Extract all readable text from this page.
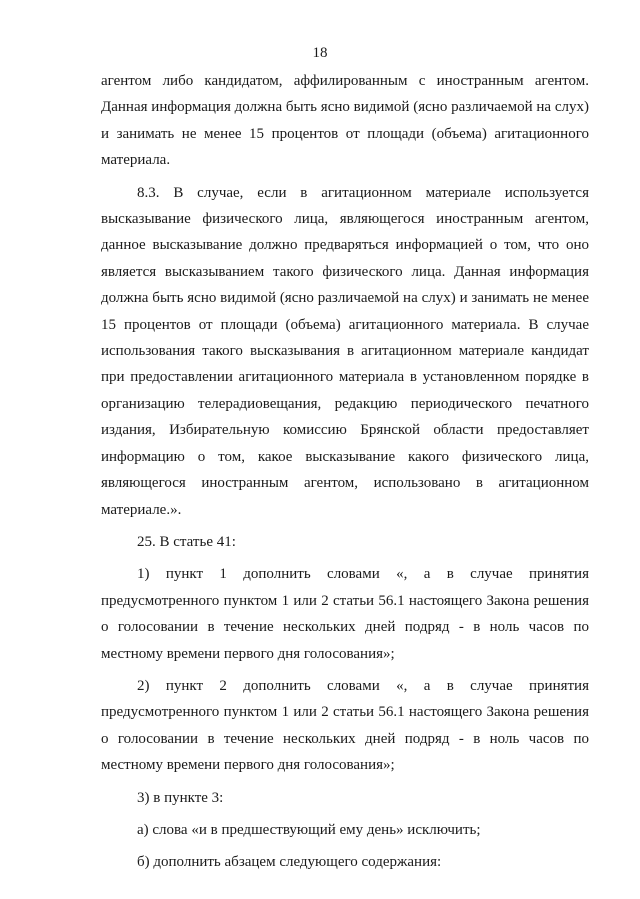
18

агентом либо кандидатом, аффилированным с иностранным агентом. Данная информация должна быть ясно видимой (ясно различаемой на слух) и занимать не менее 15 процентов от площади (объема) агитационного материала.

8.3. В случае, если в агитационном материале используется высказывание физического лица, являющегося иностранным агентом, данное высказывание должно предваряться информацией о том, что оно является высказыванием такого физического лица. Данная информация должна быть ясно видимой (ясно различаемой на слух) и занимать не менее 15 процентов от площади (объема) агитационного материала. В случае использования такого высказывания в агитационном материале кандидат при предоставлении агитационного материала в установленном порядке в организацию телерадиовещания, редакцию периодического печатного издания, Избирательную комиссию Брянской области предоставляет информацию о том, какое высказывание какого физического лица, являющегося иностранным агентом, использовано в агитационном материале.».

25. В статье 41:

1) пункт 1 дополнить словами «, а в случае принятия предусмотренного пунктом 1 или 2 статьи 56.1 настоящего Закона решения о голосовании в течение нескольких дней подряд - в ноль часов по местному времени первого дня голосования»;

2) пункт 2 дополнить словами «, а в случае принятия предусмотренного пунктом 1 или 2 статьи 56.1 настоящего Закона решения о голосовании в течение нескольких дней подряд - в ноль часов по местному времени первого дня голосования»;

3) в пункте 3:

а) слова «и в предшествующий ему день» исключить;

б) дополнить абзацем следующего содержания:
